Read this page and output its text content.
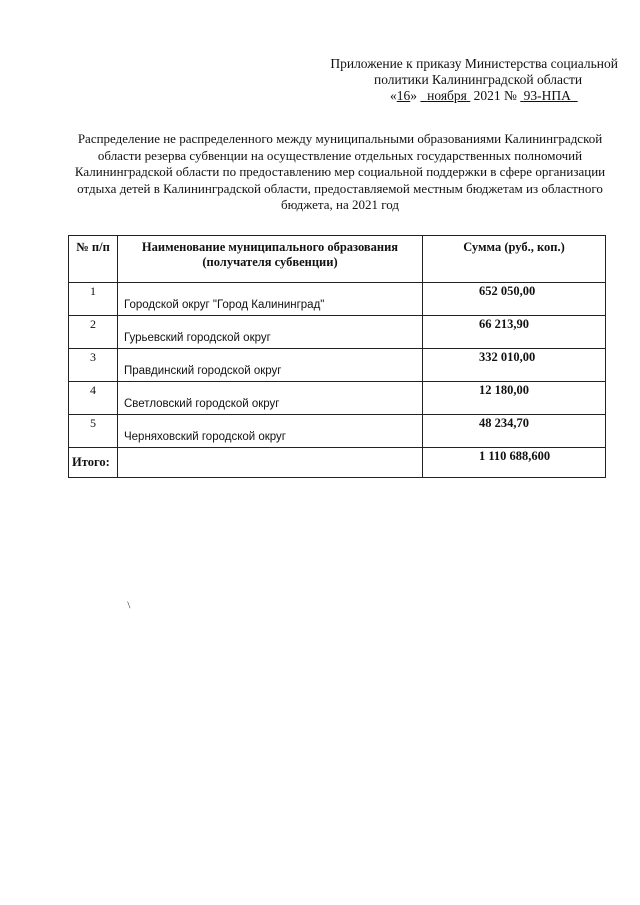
Приложение к приказу Министерства социальной
политики Калининградской области
«16» ноября 2021 № 93-НПА
Распределение не распределенного между муниципальными образованиями Калининградской области резерва субвенции на осуществление отдельных государственных полномочий Калининградской области по предоставлению мер социальной поддержки в сфере организации отдыха детей в Калининградской области, предоставляемой местным бюджетам из областного бюджета, на 2021 год
№ п/п	Наименование муниципального образования (получателя субвенции)	Сумма (руб., коп.)
1	Городской округ "Город Калининград"	652 050,00
2	Гурьевский городской округ	66 213,90
3	Правдинский городской округ	332 010,00
4	Светловский городской округ	12 180,00
5	Черняховский городской округ	48 234,70
Итого:		1 110 688,600
/
